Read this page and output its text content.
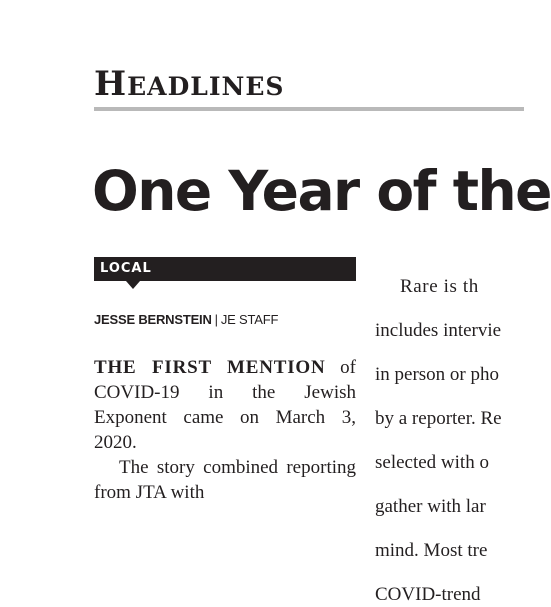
HEADLINES
One Year of the
LOCAL
JESSE BERNSTEIN | JE STAFF

THE FIRST MENTION of COVID-19 in the Jewish Exponent came on March 3, 2020.

The story combined reporting from JTA with

Rare is th

includes intervie

in person or pho

by a reporter. Re

selected with o

gather with lar

mind. Most tre

COVID-trend
